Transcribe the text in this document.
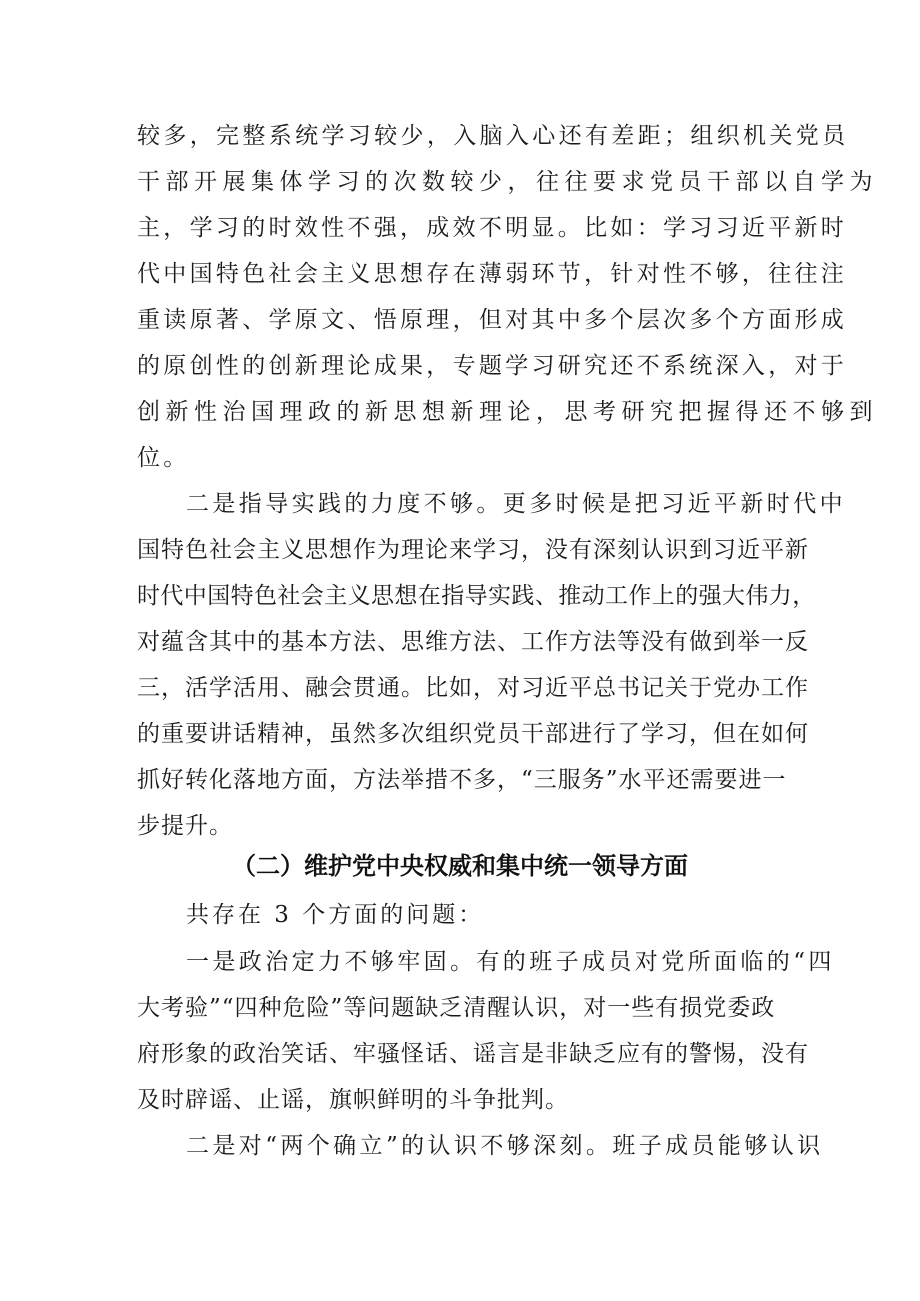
较多，完整系统学习较少，入脑入心还有差距；组织机关党员
干部开展集体学习的次数较少，往往要求党员干部以自学为
主，学习的时效性不强，成效不明显。比如：学习习近平新时
代中国特色社会主义思想存在薄弱环节，针对性不够，往往注
重读原著、学原文、悟原理，但对其中多个层次多个方面形成
的原创性的创新理论成果，专题学习研究还不系统深入，对于
创新性治国理政的新思想新理论，思考研究把握得还不够到
位。
二是指导实践的力度不够。更多时候是把习近平新时代中
国特色社会主义思想作为理论来学习，没有深刻认识到习近平新
时代中国特色社会主义思想在指导实践、推动工作上的强大伟力，
对蕴含其中的基本方法、思维方法、工作方法等没有做到举一反
三，活学活用、融会贯通。比如，对习近平总书记关于党办工作
的重要讲话精神，虽然多次组织党员干部进行了学习，但在如何
抓好转化落地方面，方法举措不多，“三服务”水平还需要进一
步提升。
（二）维护党中央权威和集中统一领导方面
共存在 3 个方面的问题：
一是政治定力不够牢固。有的班子成员对党所面临的“四
大考验”“四种危险”等问题缺乏清醒认识，对一些有损党委政
府形象的政治笑话、牢骚怪话、谣言是非缺乏应有的警惕，没有
及时辟谣、止谣，旗帜鲜明的斗争批判。
二是对“两个确立”的认识不够深刻。班子成员能够认识
